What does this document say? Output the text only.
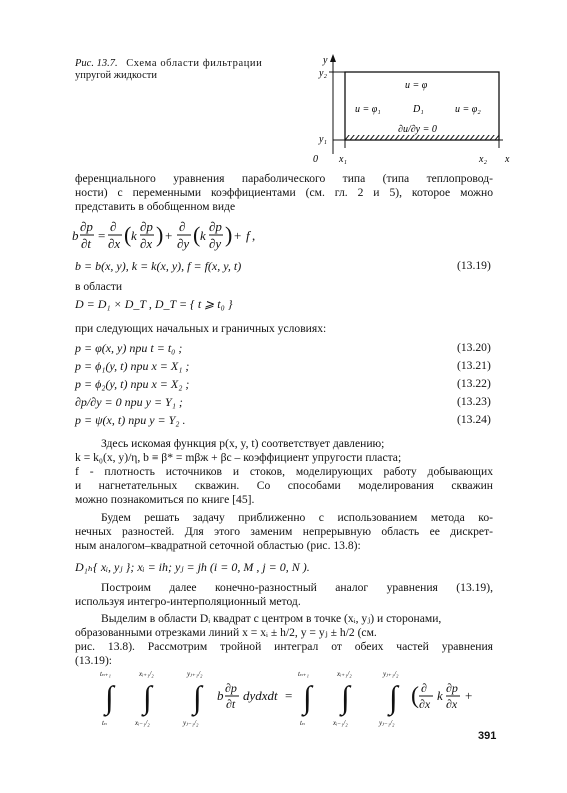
Рис. 13.7. Схема области фильтрации
упругой жидкости
y
y₂
y₁
0 x₁	x₂ x
u = φ
u = φ₁	D₁	u = φ₂
∂u/∂y = 0
ференциального уравнения параболического типа (типа теплопровод-
ности) с переменными коэффициентами (см. гл. 2 и 5), которое можно
представить в обобщенном виде
b
∂p
∂t
=
∂
∂x ( k
∂p
∂x ) +
∂
∂y ( k
∂p
∂y ) + f ,
b = b(x, y), k = k(x, y), f = f(x, y, t)	(13.19)
в области
D = D₁ × D_T , D_T = { t ⩾ t₀ }
при следующих начальных и граничных условиях:
p = φ(x, y) при t = t₀ ;	(13.20)
p = ϕ₁(y, t) при x = X₁ ;	(13.21)
p = ϕ₂(y, t) при x = X₂ ;	(13.22)
∂p/∂y = 0 при y = Y₁ ;	(13.23)
p = ψ(x, t) при y = Y₂ .	(13.24)
Здесь искомая функция p(x, y, t) соответствует давлению;
k = k₀(x, y)/η, b ≡ β* = mβж + βс – коэффициент упругости пласта;
f - плотность источников и стоков, моделирующих работу добывающих
и нагнетательных скважин. Со способами моделирования скважин
можно познакомиться по книге [45].
Будем решать задачу приближенно с использованием метода ко-
нечных разностей. Для этого заменим непрерывную область ее дискрет-
ным аналогом–квадратной сеточной областью (рис. 13.8):
D₁ₕ{ xᵢ, yⱼ }; xᵢ = ih; yⱼ = jh (i = 0, M , j = 0, N ).
Построим далее конечно-разностный аналог уравнения (13.19),
используя интегро-интерполяционный метод.
Выделим в области Dᵢ квадрат с центром в точке (xᵢ, yⱼ) и сторонами,
образованными отрезками линий x = xᵢ ± h/2, y = yⱼ ± h/2 (см.
рис. 13.8). Рассмотрим тройной интеграл от обеих частей уравнения
(13.19):
∫ ∫ ∫
tₙ₊₁
tₙ
xᵢ₊₁/₂
xᵢ₋₁/₂
yⱼ₊₁/₂
yⱼ₋₁/₂
b ∂p
∂t
dydxdt = ∫ ∫ ∫
tₙ₊₁
tₙ
xᵢ₊₁/₂
xᵢ₋₁/₂
yⱼ₊₁/₂
yⱼ₋₁/₂
( ∂
∂x
k ∂p
∂x
+
391
